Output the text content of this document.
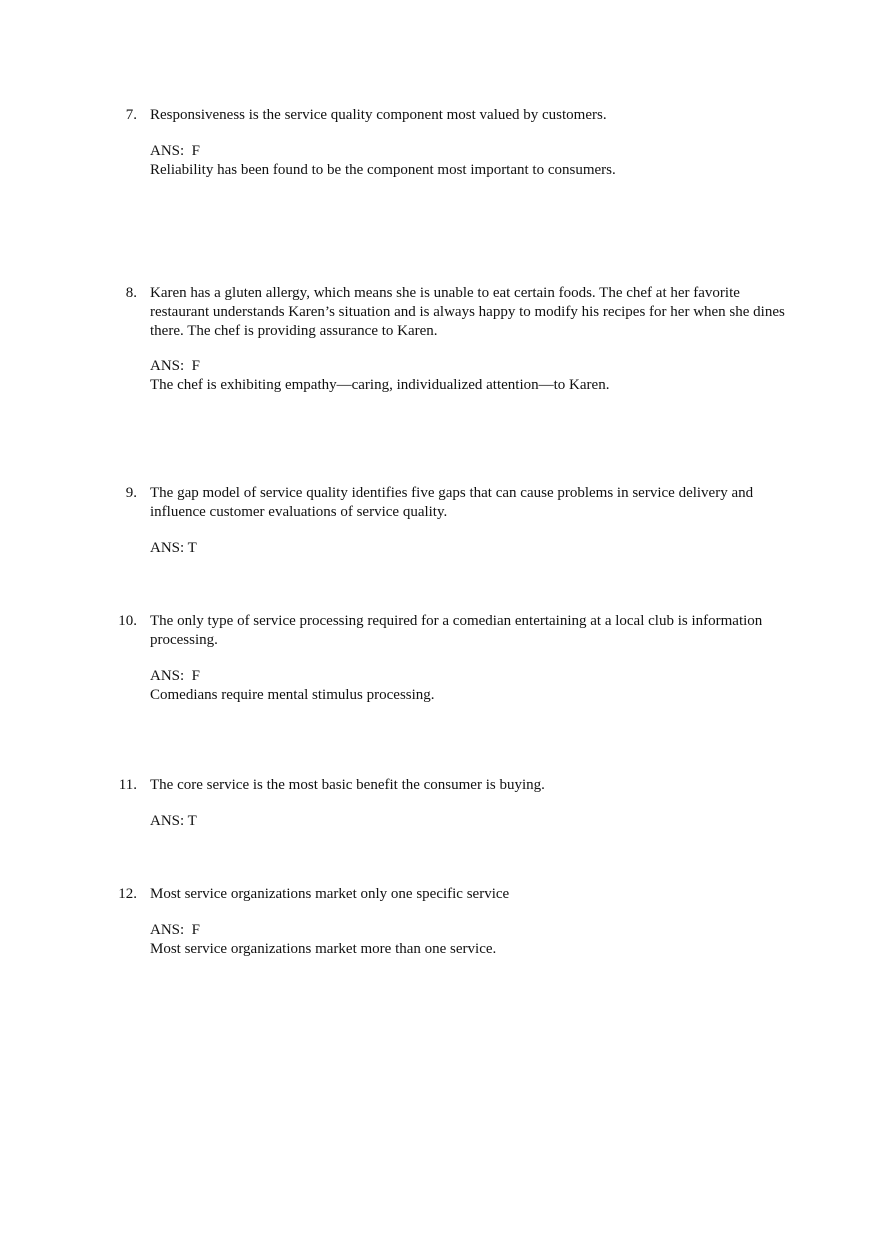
7. Responsiveness is the service quality component most valued by customers.
ANS:  F
Reliability has been found to be the component most important to consumers.
8. Karen has a gluten allergy, which means she is unable to eat certain foods. The chef at her favorite restaurant understands Karen’s situation and is always happy to modify his recipes for her when she dines there. The chef is providing assurance to Karen.
ANS:  F
The chef is exhibiting empathy—caring, individualized attention—to Karen.
9. The gap model of service quality identifies five gaps that can cause problems in service delivery and influence customer evaluations of service quality.
ANS: T
10. The only type of service processing required for a comedian entertaining at a local club is information processing.
ANS:  F
Comedians require mental stimulus processing.
11. The core service is the most basic benefit the consumer is buying.
ANS: T
12. Most service organizations market only one specific service
ANS:  F
Most service organizations market more than one service.
